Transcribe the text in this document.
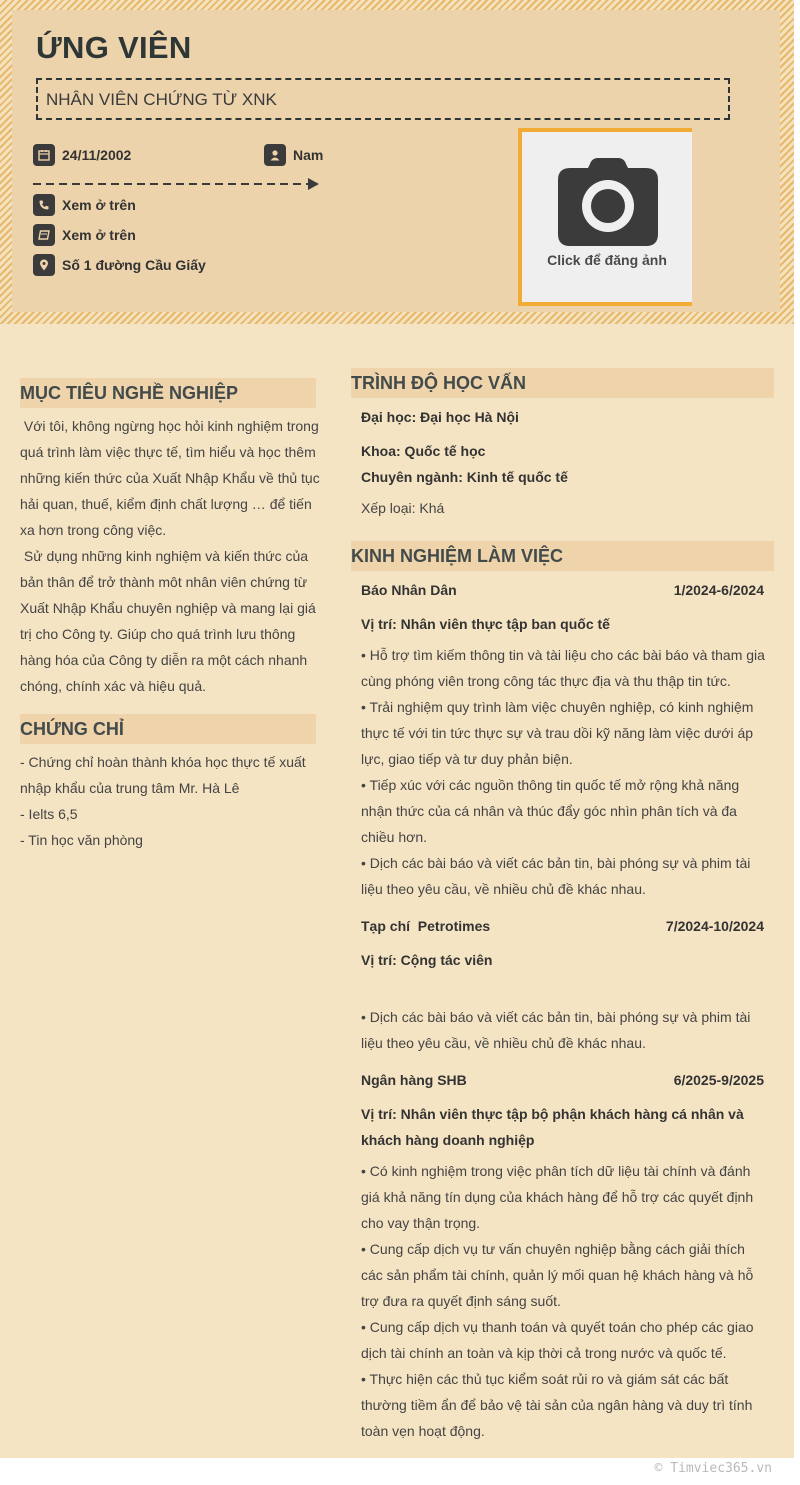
ỨNG VIÊN
NHÂN VIÊN CHỨNG TỪ XNK
24/11/2002	Nam
Xem ở trên
Xem ở trên
Số 1 đường Cầu Giấy	Click để đăng ảnh
MỤC TIÊU NGHỀ NGHIỆP

Với tôi, không ngừng học hỏi kinh nghiệm trong quá trình làm việc thực tế, tìm hiểu và học thêm những kiến thức của Xuất Nhập Khẩu về thủ tục hải quan, thuế, kiểm định chất lượng … để tiến xa hơn trong công việc.

Sử dụng những kinh nghiệm và kiến thức của bản thân để trở thành môt nhân viên chứng từ Xuất Nhập Khẩu chuyên nghiệp và mang lại giá trị cho Công ty. Giúp cho quá trình lưu thông hàng hóa của Công ty diễn ra một cách nhanh chóng, chính xác và hiệu quả.

CHỨNG CHỈ

- Chứng chỉ hoàn thành khóa học thực tế xuất nhập khẩu của trung tâm Mr. Hà Lê

- Ielts 6,5

- Tin học văn phòng

TRÌNH ĐỘ HỌC VẤN
Đại học: Đại học Hà Nội
Khoa: Quốc tế học
Chuyên ngành: Kinh tế quốc tế
Xếp loại: Khá
KINH NGHIỆM LÀM VIỆC
Báo Nhân Dân	1/2024-6/2024
Vị trí: Nhân viên thực tập ban quốc tế
• Hỗ trợ tìm kiếm thông tin và tài liệu cho các bài báo và tham gia cùng phóng viên trong công tác thực địa và thu thập tin tức.
• Trải nghiệm quy trình làm việc chuyên nghiệp, có kinh nghiệm thực tế với tin tức thực sự và trau dồi kỹ năng làm việc dưới áp lực, giao tiếp và tư duy phản biện.
• Tiếp xúc với các nguồn thông tin quốc tế mở rộng khả năng nhận thức của cá nhân và thúc đẩy góc nhìn phân tích và đa chiều hơn.
• Dịch các bài báo và viết các bản tin, bài phóng sự và phim tài liệu theo yêu cầu, về nhiều chủ đề khác nhau.
Tạp chí  Petrotimes	7/2024-10/2024
Vị trí: Cộng tác viên
• Dịch các bài báo và viết các bản tin, bài phóng sự và phim tài liệu theo yêu cầu, về nhiều chủ đề khác nhau.
Ngân hàng SHB	6/2025-9/2025
Vị trí: Nhân viên thực tập bộ phận khách hàng cá nhân và khách hàng doanh nghiệp
• Có kinh nghiệm trong việc phân tích dữ liệu tài chính và đánh giá khả năng tín dụng của khách hàng để hỗ trợ các quyết định cho vay thận trọng.
• Cung cấp dịch vụ tư vấn chuyên nghiệp bằng cách giải thích các sản phẩm tài chính, quản lý mối quan hệ khách hàng và hỗ trợ đưa ra quyết định sáng suốt.
• Cung cấp dịch vụ thanh toán và quyết toán cho phép các giao dịch tài chính an toàn và kịp thời cả trong nước và quốc tế.
• Thực hiện các thủ tục kiểm soát rủi ro và giám sát các bất thường tiềm ẩn để bảo vệ tài sản của ngân hàng và duy trì tính toàn vẹn hoạt động.
© Timviec365.vn
